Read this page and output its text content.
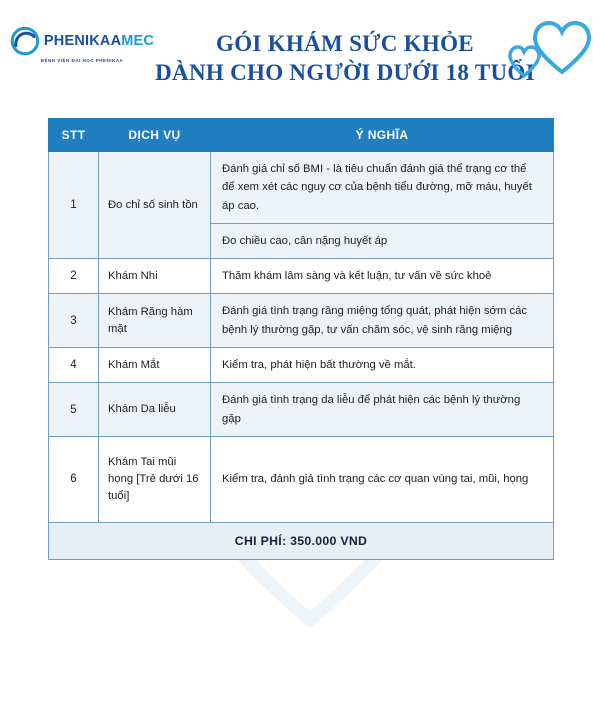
PHENIKAAMEC
BỆNH VIỆN ĐẠI HỌC PHENIKAA
GÓI KHÁM SỨC KHỎE
DÀNH CHO NGƯỜI DƯỚI 18 TUỔI
STT	DỊCH VỤ	Ý NGHĨA
1	Đo chỉ số sinh tồn	Đánh giá chỉ số BMI - là tiêu chuẩn đánh giá thể trạng cơ thể để xem xét các nguy cơ của bệnh tiểu đường, mỡ máu, huyết áp cao.
		Đo chiều cao, cân nặng huyết áp
2	Khám Nhi	Thăm khám lâm sàng và kết luận, tư vấn về sức khoẻ
3	Khám Răng hàm mặt	Đánh giá tình trạng răng miệng tổng quát, phát hiện sớm các bệnh lý thường gặp, tư vấn chăm sóc, vệ sinh răng miệng
4	Khám Mắt	Kiểm tra, phát hiện bất thường về mắt.
5	Khám Da liễu	Đánh giá tình trạng da liễu để phát hiện các bệnh lý thường gặp
6	Khám Tai mũi họng [Trẻ dưới 16 tuổi]	Kiểm tra, đánh giá tình trạng các cơ quan vùng tai, mũi, họng
CHI PHÍ: 350.000 VND		
